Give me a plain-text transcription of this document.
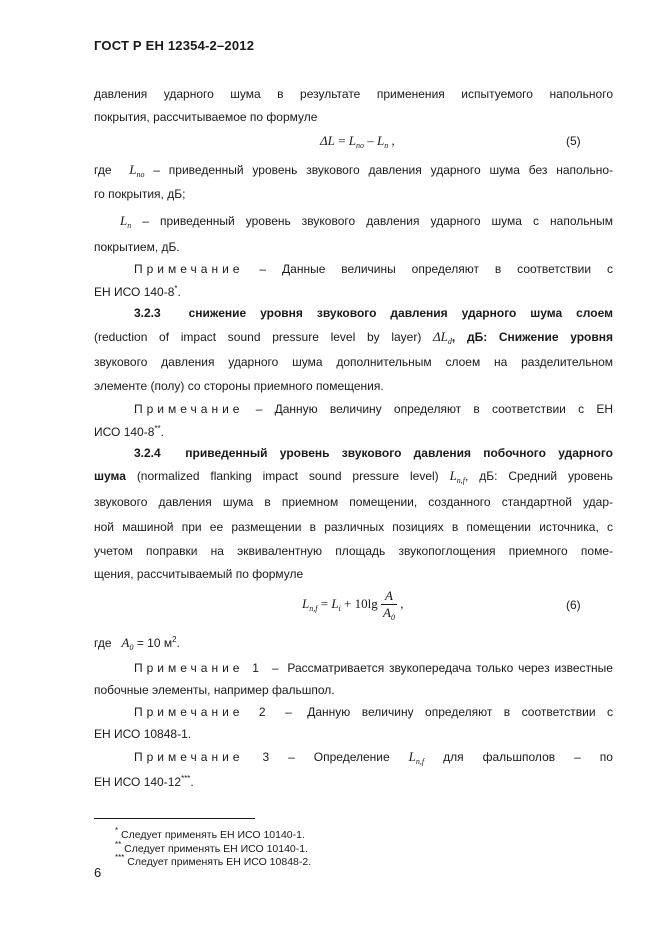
ГОСТ Р ЕН 12354-2–2012
давления ударного шума в результате применения испытуемого напольного
покрытия, рассчитываемое по формуле
$\Delta L = L_{no} - L_n$ ,	(5)
где $L_{no}$ – приведенный уровень звукового давления ударного шума без напольно-
го покрытия, дБ;
$L_n$ – приведенный уровень звукового давления ударного шума с напольным
покрытием, дБ.
Примечание – Данные величины определяют в соответствии с
ЕН ИСО 140-8*.
3.2.3 снижение уровня звукового давления ударного шума слоем
(reduction of impact sound pressure level by layer) $\Delta L_d$, дБ: Снижение уровня
звукового давления ударного шума дополнительным слоем на разделительном
элементе (полу) со стороны приемного помещения.
Примечание – Данную величину определяют в соответствии с ЕН
ИСО 140-8**.
3.2.4 приведенный уровень звукового давления побочного ударного
шума (normalized flanking impact sound pressure level) $L_{n,f}$, дБ: Средний уровень
звукового давления шума в приемном помещении, созданного стандартной удар-
ной машиной при ее размещении в различных позициях в помещении источника, с
учетом поправки на эквивалентную площадь звукопоглощения приемного поме-
щения, рассчитываемый по формуле
$L_{n,f} = L_i + 10\lg \frac{A}{A_0}$ ,	(6)
где $A_0 = 10$ $м^2$.
Примечание 1 – Рассматривается звукопередача только через известные
побочные элементы, например фальшпол.
Примечание 2 – Данную величину определяют в соответствии с
ЕН ИСО 10848-1.
Примечание 3 – Определение $L_{n,f}$ для фальшполов – по
ЕН ИСО 140-12***.
* Следует применять ЕН ИСО 10140-1.
** Следует применять ЕН ИСО 10140-1.
*** Следует применять ЕН ИСО 10848-2.
6
